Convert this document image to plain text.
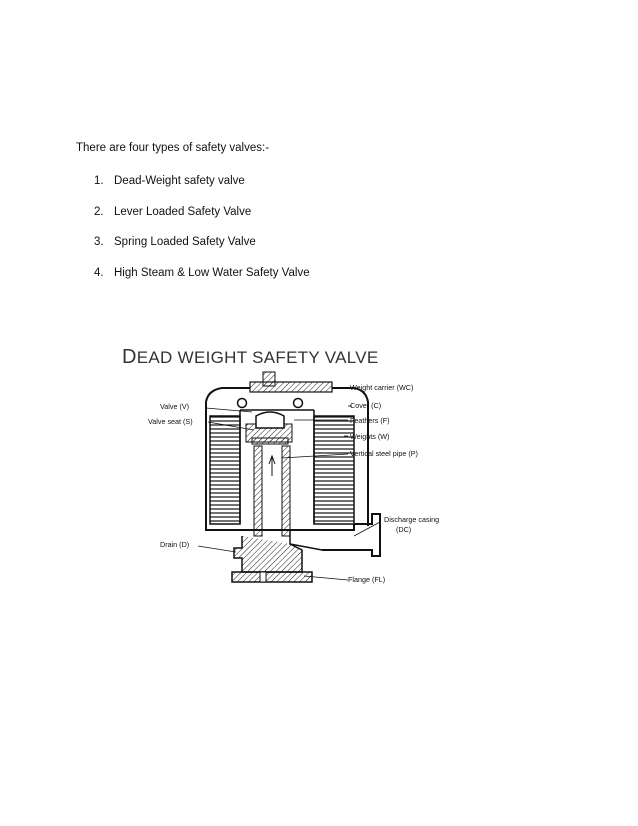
There are four types of safety valves:-
1. Dead-Weight safety valve
2. Lever Loaded Safety Valve
3. Spring Loaded Safety Valve
4. High Steam & Low Water Safety Valve
DEAD WEIGHT SAFETY VALVE
Weight carrier (WC)
Cover (C)
Feathers (F)
Weights (W)
Vertical steel pipe (P)
Valve (V)
Valve seat (S)
Discharge casing
(DC)
Drain (D)
Flange (FL)
